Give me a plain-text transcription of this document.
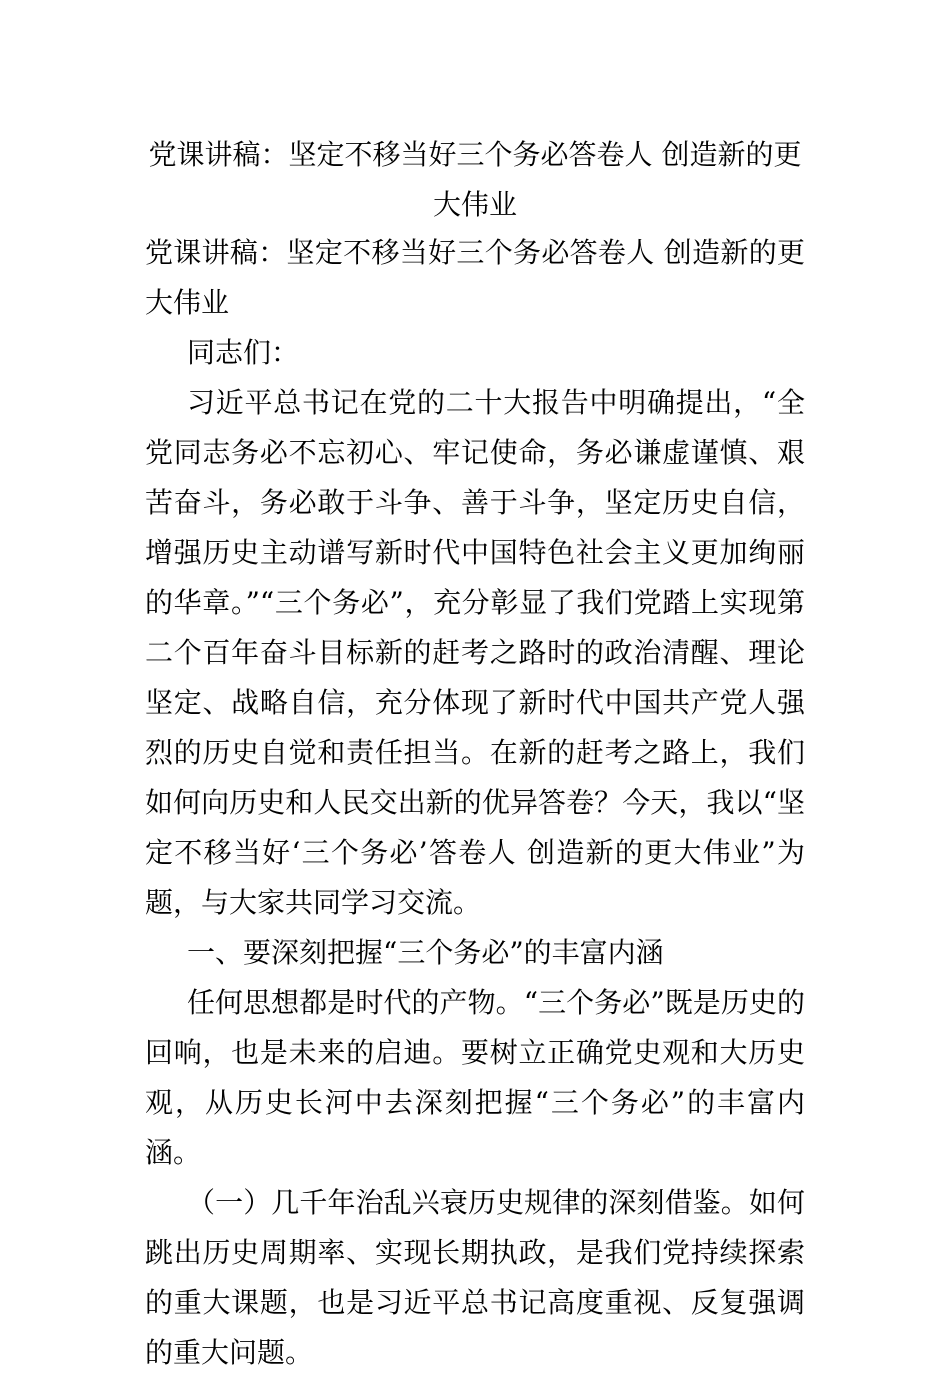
党课讲稿：坚定不移当好三个务必答卷人 创造新的更大伟业

党课讲稿：坚定不移当好三个务必答卷人 创造新的更大伟业

同志们：

习近平总书记在党的二十大报告中明确提出，“全党同志务必不忘初心、牢记使命，务必谦虚谨慎、艰苦奋斗，务必敢于斗争、善于斗争，坚定历史自信，增强历史主动谱写新时代中国特色社会主义更加绚丽的华章。”“三个务必”，充分彰显了我们党踏上实现第二个百年奋斗目标新的赶考之路时的政治清醒、理论坚定、战略自信，充分体现了新时代中国共产党人强烈的历史自觉和责任担当。在新的赶考之路上，我们如何向历史和人民交出新的优异答卷？今天，我以“坚定不移当好‘三个务必’答卷人 创造新的更大伟业”为题，与大家共同学习交流。

一、要深刻把握“三个务必”的丰富内涵

任何思想都是时代的产物。“三个务必”既是历史的回响，也是未来的启迪。要树立正确党史观和大历史观，从历史长河中去深刻把握“三个务必”的丰富内涵。

（一）几千年治乱兴衰历史规律的深刻借鉴。如何跳出历史周期率、实现长期执政，是我们党持续探索的重大课题，也是习近平总书记高度重视、反复强调的重大问题。
